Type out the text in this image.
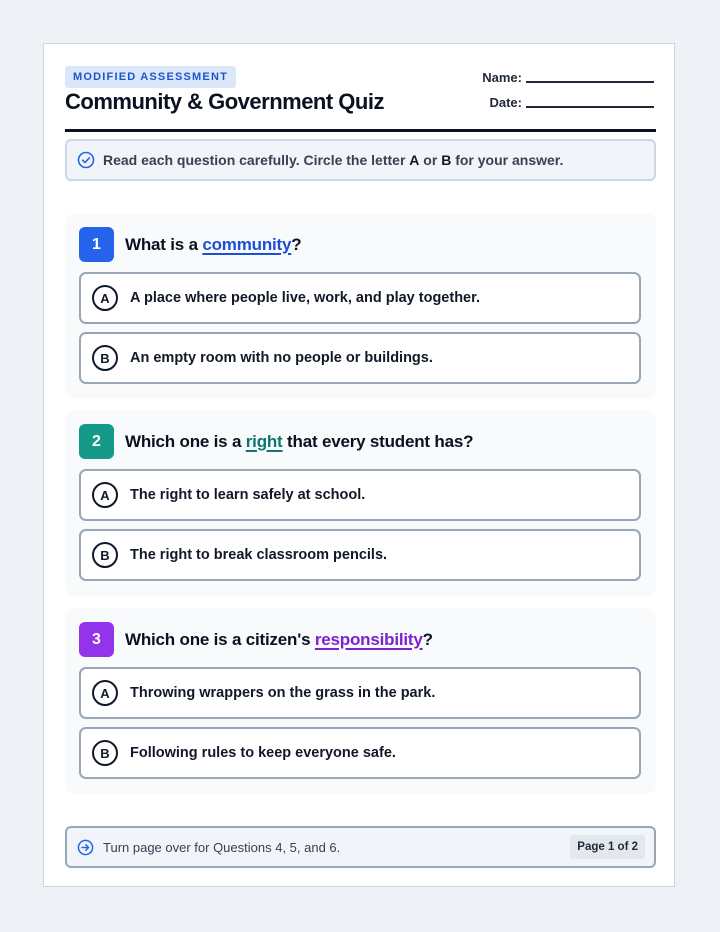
MODIFIED ASSESSMENT
Community & Government Quiz
Name:
Date:
Read each question carefully. Circle the letter A or B for your answer.
1	What is a community?
A	A place where people live, work, and play together.
B	An empty room with no people or buildings.
2	Which one is a right that every student has?
A	The right to learn safely at school.
B	The right to break classroom pencils.
3	Which one is a citizen's responsibility?
A	Throwing wrappers on the grass in the park.
B	Following rules to keep everyone safe.
Turn page over for Questions 4, 5, and 6.	Page 1 of 2
